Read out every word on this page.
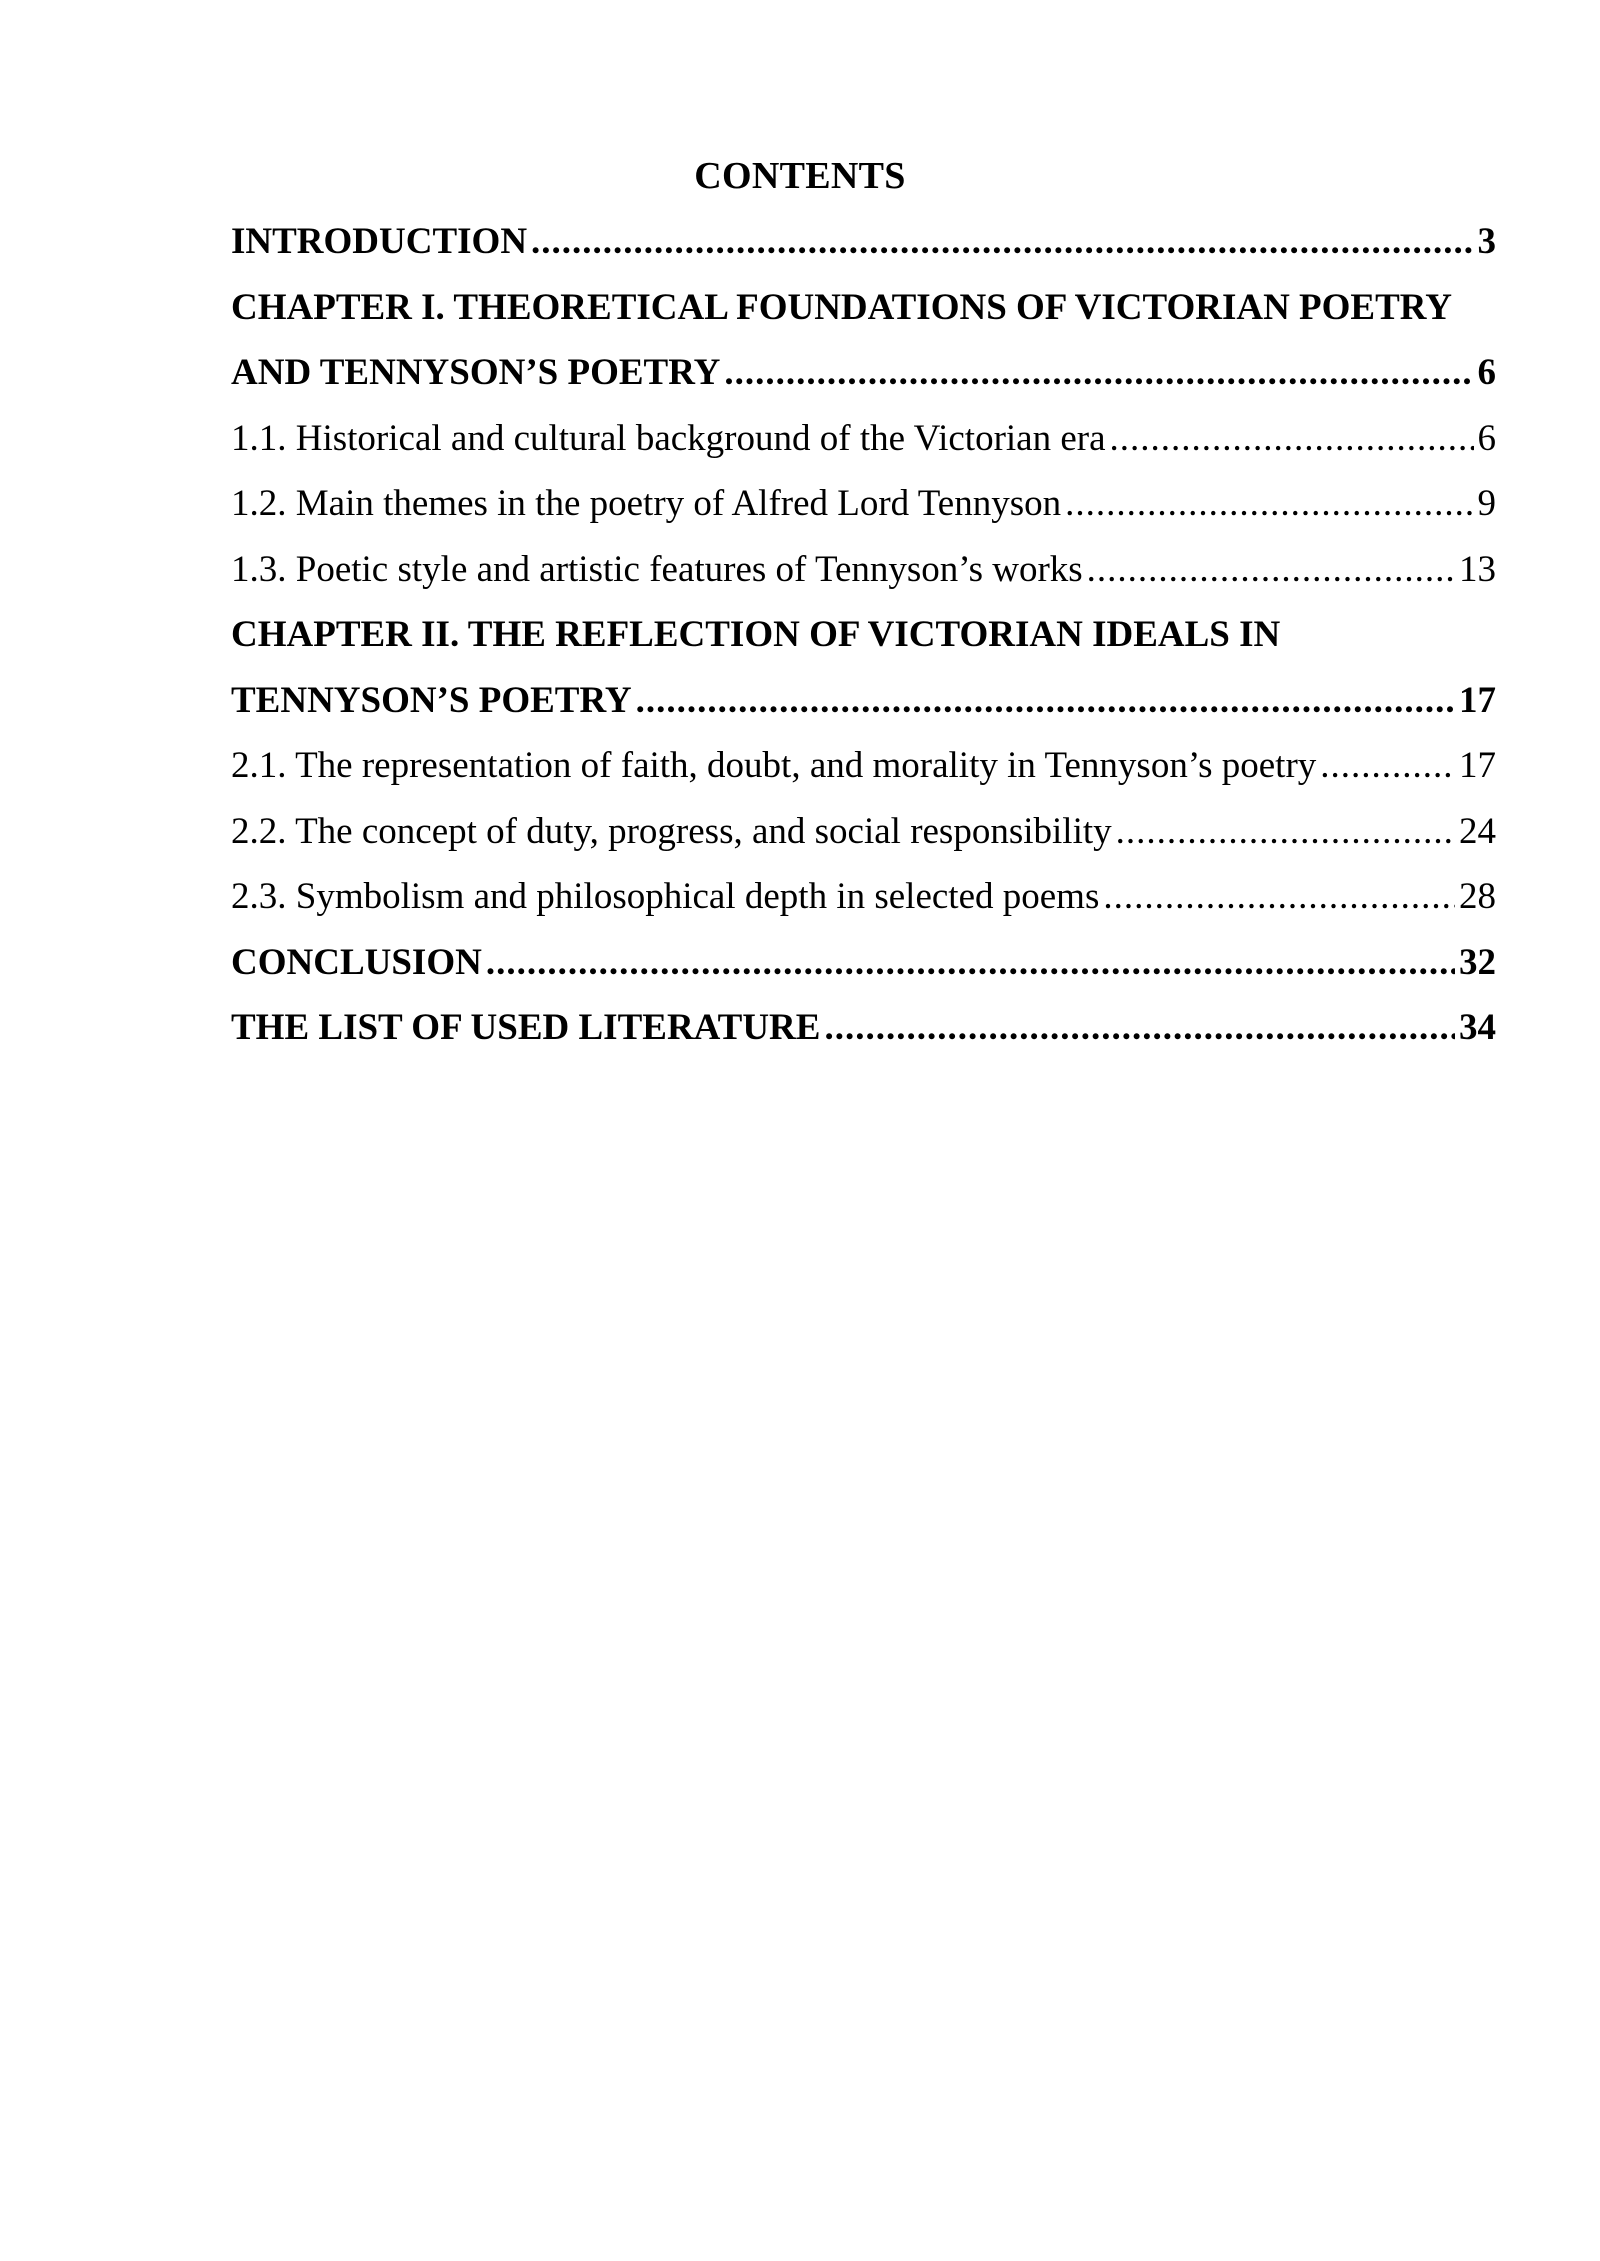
CONTENTS
INTRODUCTION .....	3
CHAPTER I. THEORETICAL FOUNDATIONS OF VICTORIAN POETRY
AND TENNYSON’S POETRY .....	6
1.1. Historical and cultural background of the Victorian era .....	6
1.2. Main themes in the poetry of Alfred Lord Tennyson .....	9
1.3. Poetic style and artistic features of Tennyson’s works .....	13
CHAPTER II. THE REFLECTION OF VICTORIAN IDEALS IN
TENNYSON’S POETRY .....	17
2.1. The representation of faith, doubt, and morality in Tennyson’s poetry .....	17
2.2. The concept of duty, progress, and social responsibility .....	24
2.3. Symbolism and philosophical depth in selected poems .....	28
CONCLUSION .....	32
THE LIST OF USED LITERATURE .....	34
